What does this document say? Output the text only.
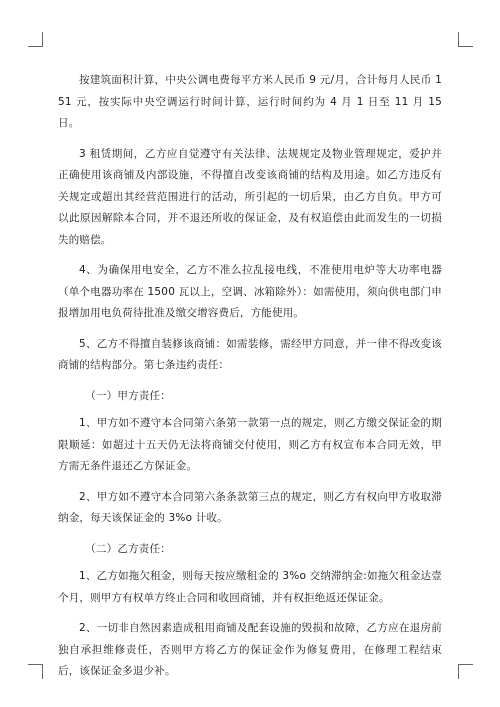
按建筑面积计算，中央公调电费每平方米人民币 9 元/月，合计每月人民币 151 元，按实际中央空调运行时间计算，运行时间约为 4 月 1 日至 11 月 15 日。

3 租赁期间，乙方应自觉遵守有关法律、法规规定及物业管理规定，爱护并正确使用该商铺及内部设施，不得擅自改变该商铺的结构及用途。如乙方违反有关规定或超出其经营范围进行的活动，所引起的一切后果，由乙方自负。甲方可以此原因解除本合同，并不退还所收的保证金，及有权追偿由此而发生的一切损失的赔偿。

4、为确保用电安全，乙方不准么拉乱接电线，不准使用电炉等大功率电器（单个电器功率在 1500 瓦以上，空调、冰箱除外）：如需使用，须向供电部门申报增加用电负荷待批准及缴交增容费后，方能使用。

5、乙方不得擅自装修该商铺：如需装修，需经甲方同意，并一律不得改变该商铺的结构部分。第七条违约责任：

（一）甲方责任：

1、甲方如不遵守本合同第六条第一款第一点的规定，则乙方缴交保证金的期限顺延：如超过十五天仍无法将商铺交付使用，则乙方有权宣布本合同无效，甲方需无条件退还乙方保证金。

2、甲方如不遵守本合同第六条条款第三点的规定，则乙方有权向甲方收取滞纳金，每天该保证金的 3%o 计收。

（二）乙方责任：

1、乙方如拖欠租金，则每天按应缴租金的 3%o 交纳滞纳金:如拖欠租金达壹个月，则甲方有权单方终止合同和收回商铺，并有权拒绝返还保证金。

2、一切非自然因素造成租用商铺及配套设施的毁损和故障，乙方应在退房前独自承担维修责任，否则甲方将乙方的保证金作为修复费用，在修理工程结束后，该保证金多退少补。
